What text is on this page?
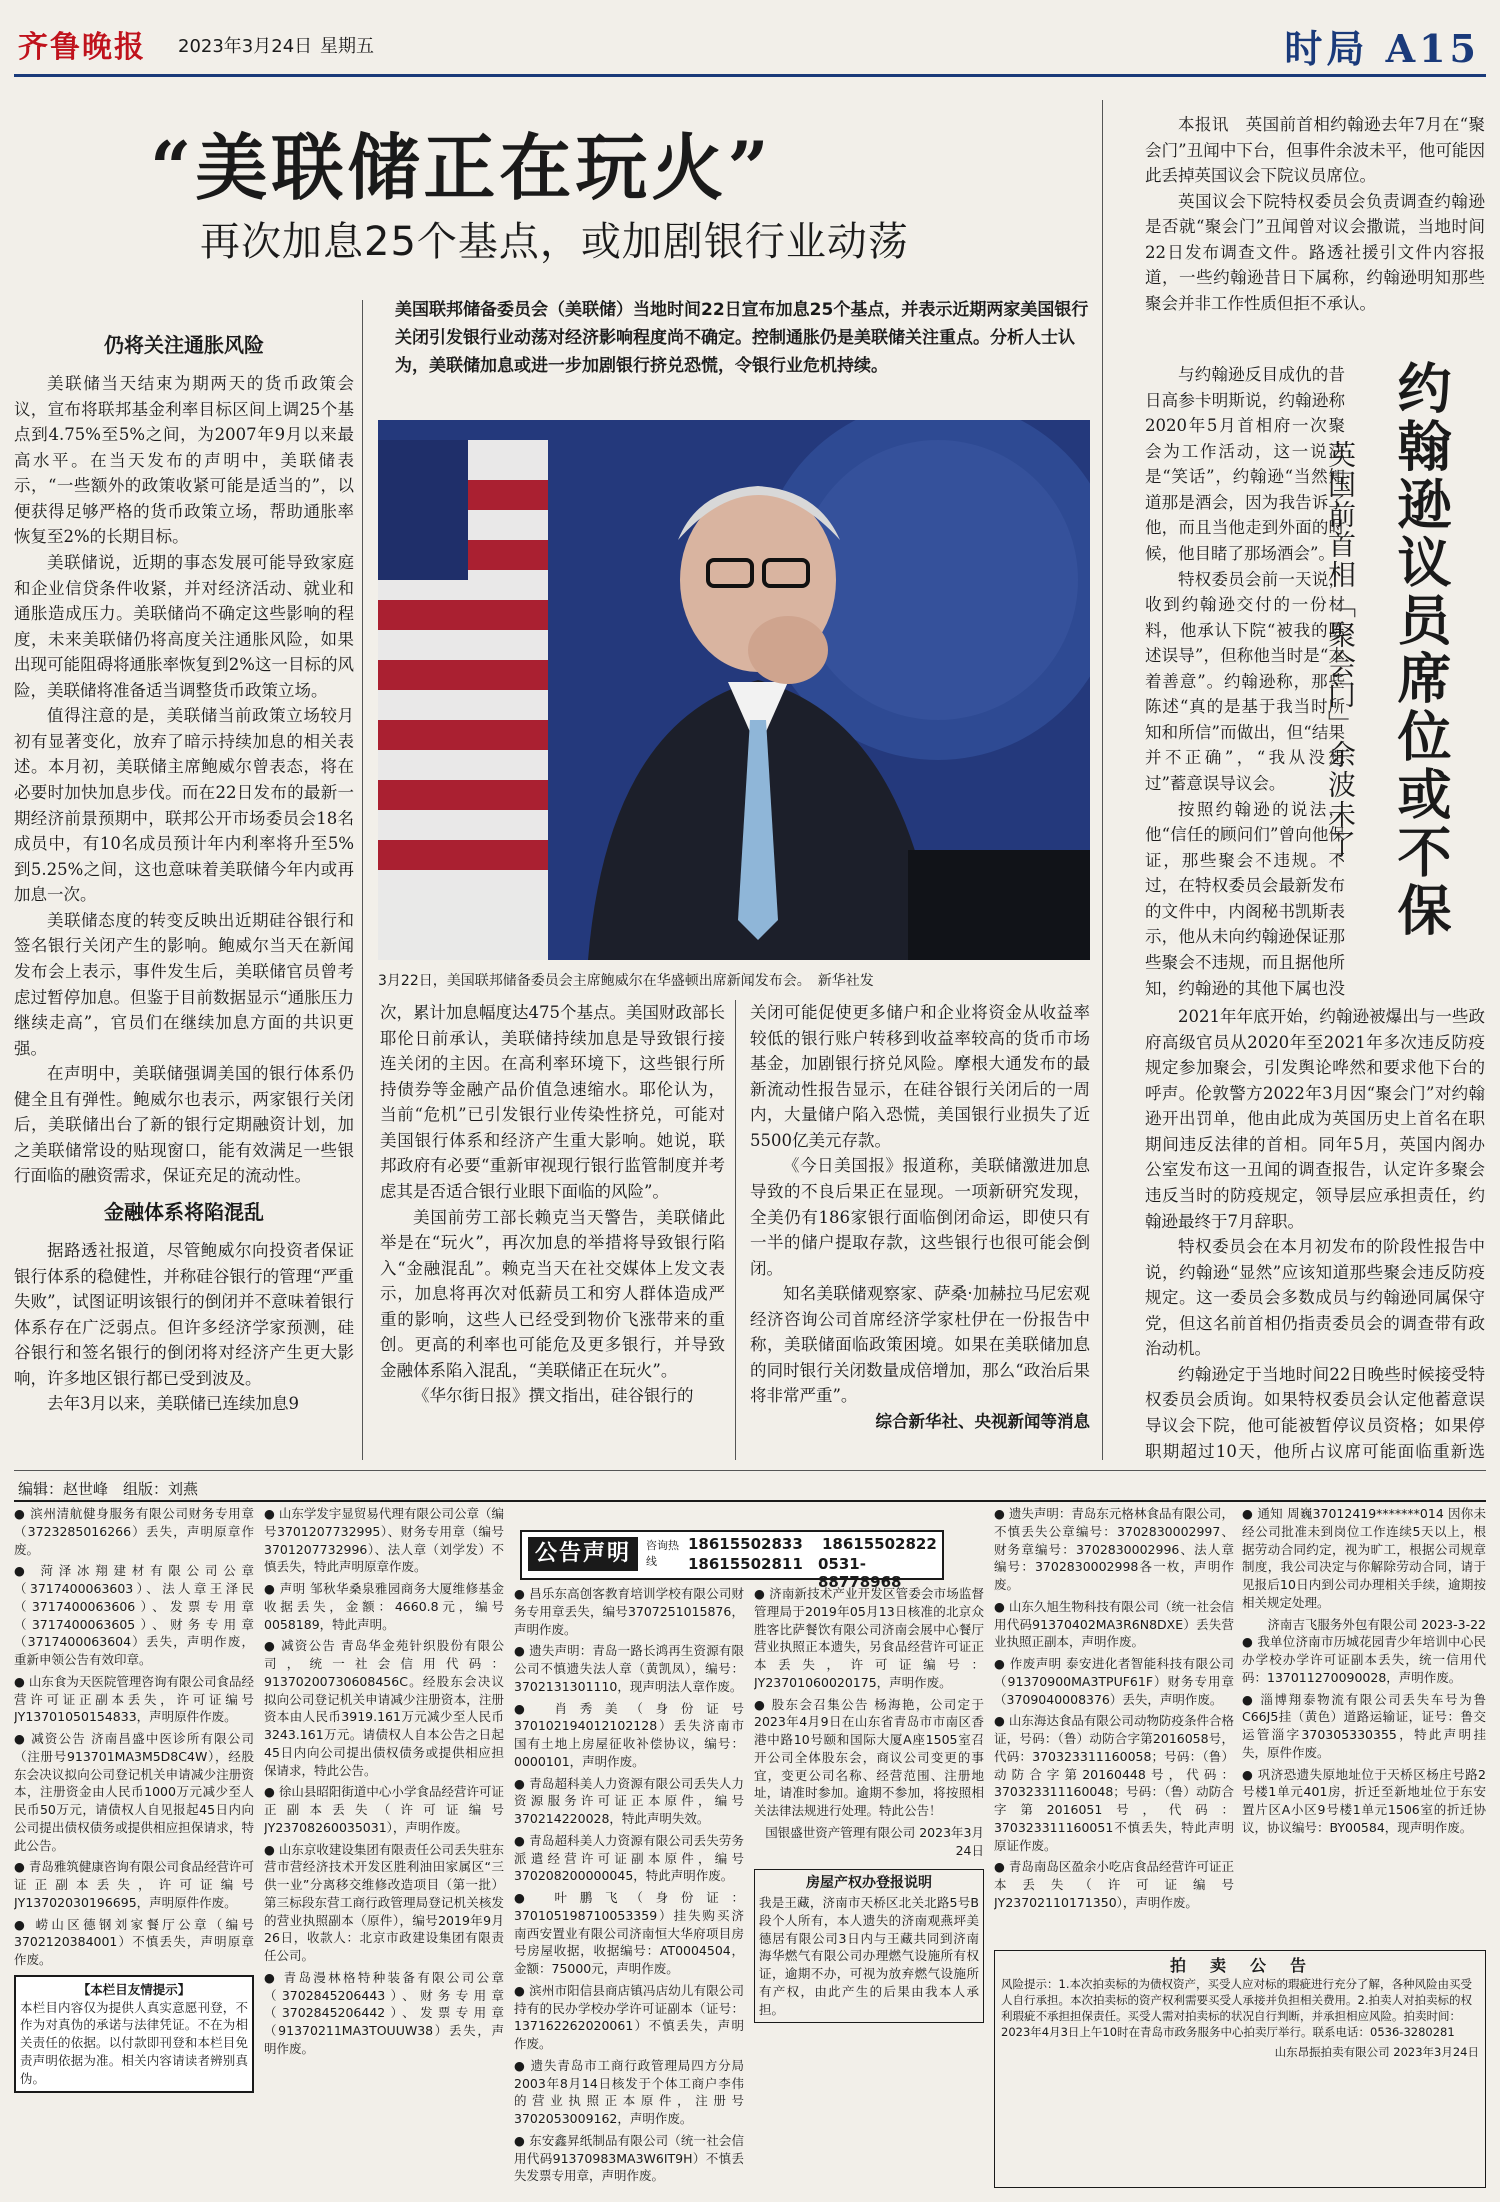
齐鲁晚报 2023年3月24日 星期五	时局 A15
“美联储正在玩火”
再次加息25个基点，或加剧银行业动荡
美国联邦储备委员会（美联储）当地时间22日宣布加息25个基点，并表示近期两家美国银行关闭引发银行业动荡对经济影响程度尚不确定。控制通胀仍是美联储关注重点。分析人士认为，美联储加息或进一步加剧银行挤兑恐慌，令银行业危机持续。
仍将关注通胀风险

美联储当天结束为期两天的货币政策会议，宣布将联邦基金利率目标区间上调25个基点到4.75%至5%之间，为2007年9月以来最高水平。在当天发布的声明中，美联储表示，“一些额外的政策收紧可能是适当的”，以便获得足够严格的货币政策立场，帮助通胀率恢复至2%的长期目标。

美联储说，近期的事态发展可能导致家庭和企业信贷条件收紧，并对经济活动、就业和通胀造成压力。美联储尚不确定这些影响的程度，未来美联储仍将高度关注通胀风险，如果出现可能阻碍将通胀率恢复到2%这一目标的风险，美联储将准备适当调整货币政策立场。

值得注意的是，美联储当前政策立场较月初有显著变化，放弃了暗示持续加息的相关表述。本月初，美联储主席鲍威尔曾表态，将在必要时加快加息步伐。而在22日发布的最新一期经济前景预期中，联邦公开市场委员会18名成员中，有10名成员预计年内利率将升至5%到5.25%之间，这也意味着美联储今年内或再加息一次。

美联储态度的转变反映出近期硅谷银行和签名银行关闭产生的影响。鲍威尔当天在新闻发布会上表示，事件发生后，美联储官员曾考虑过暂停加息。但鉴于目前数据显示“通胀压力继续走高”，官员们在继续加息方面的共识更强。

在声明中，美联储强调美国的银行体系仍健全且有弹性。鲍威尔也表示，两家银行关闭后，美联储出台了新的银行定期融资计划，加之美联储常设的贴现窗口，能有效满足一些银行面临的融资需求，保证充足的流动性。

金融体系将陷混乱

据路透社报道，尽管鲍威尔向投资者保证银行体系的稳健性，并称硅谷银行的管理“严重失败”，试图证明该银行的倒闭并不意味着银行体系存在广泛弱点。但许多经济学家预测，硅谷银行和签名银行的倒闭将对经济产生更大影响，许多地区银行都已受到波及。

去年3月以来，美联储已连续加息9

3月22日，美国联邦储备委员会主席鲍威尔在华盛顿出席新闻发布会。　新华社发

次，累计加息幅度达475个基点。美国财政部长耶伦日前承认，美联储持续加息是导致银行接连关闭的主因。在高利率环境下，这些银行所持债券等金融产品价值急速缩水。耶伦认为，当前“危机”已引发银行业传染性挤兑，可能对美国银行体系和经济产生重大影响。她说，联邦政府有必要“重新审视现行银行监管制度并考虑其是否适合银行业眼下面临的风险”。

美国前劳工部长赖克当天警告，美联储此举是在“玩火”，再次加息的举措将导致银行陷入“金融混乱”。赖克当天在社交媒体上发文表示，加息将再次对低薪员工和穷人群体造成严重的影响，这些人已经受到物价飞涨带来的重创。更高的利率也可能危及更多银行，并导致金融体系陷入混乱，“美联储正在玩火”。

《华尔街日报》撰文指出，硅谷银行的

关闭可能促使更多储户和企业将资金从收益率较低的银行账户转移到收益率较高的货币市场基金，加剧银行挤兑风险。摩根大通发布的最新流动性报告显示，在硅谷银行关闭后的一周内，大量储户陷入恐慌，美国银行业损失了近5500亿美元存款。

《今日美国报》报道称，美联储激进加息导致的不良后果正在显现。一项新研究发现，全美仍有186家银行面临倒闭命运，即使只有一半的储户提取存款，这些银行也很可能会倒闭。

知名美联储观察家、萨桑·加赫拉马尼宏观经济咨询公司首席经济学家杜伊在一份报告中称，美联储面临政策困境。如果在美联储加息的同时银行关闭数量成倍增加，那么“政治后果将非常严重”。

综合新华社、央视新闻等消息
约翰逊议员席位或不保
英国前首相「聚会门」余波未了

本报讯　英国前首相约翰逊去年7月在“聚会门”丑闻中下台，但事件余波未平，他可能因此丢掉英国议会下院议员席位。

英国议会下院特权委员会负责调查约翰逊是否就“聚会门”丑闻曾对议会撒谎，当地时间22日发布调查文件。路透社援引文件内容报道，一些约翰逊昔日下属称，约翰逊明知那些聚会并非工作性质但拒不承认。

与约翰逊反目成仇的昔日高参卡明斯说，约翰逊称2020年5月首相府一次聚会为工作活动，这一说法是“笑话”，约翰逊“当然知道那是酒会，因为我告诉了他，而且当他走到外面的时候，他目睹了那场酒会”。

特权委员会前一天说，收到约翰逊交付的一份材料，他承认下院“被我的陈述误导”，但称他当时是“本着善意”。约翰逊称，那些陈述“真的是基于我当时所知和所信”而做出，但“结果并不正确”，“我从没想过”蓄意误导议会。

按照约翰逊的说法，他“信任的顾问们”曾向他保证，那些聚会不违规。不过，在特权委员会最新发布的文件中，内阁秘书凯斯表示，他从未向约翰逊保证那些聚会不违规，而且据他所知，约翰逊的其他下属也没

2021年年底开始，约翰逊被爆出与一些政府高级官员从2020年至2021年多次违反防疫规定参加聚会，引发舆论哗然和要求他下台的呼声。伦敦警方2022年3月因“聚会门”对约翰逊开出罚单，他由此成为英国历史上首名在职期间违反法律的首相。同年5月，英国内阁办公室发布这一丑闻的调查报告，认定许多聚会违反当时的防疫规定，领导层应承担责任，约翰逊最终于7月辞职。

特权委员会在本月初发布的阶段性报告中说，约翰逊“显然”应该知道那些聚会违反防疫规定。这一委员会多数成员与约翰逊同属保守党，但这名前首相仍指责委员会的调查带有政治动机。

约翰逊定于当地时间22日晚些时候接受特权委员会质询。如果特权委员会认定他蓄意误导议会下院，他可能被暂停议员资格；如果停职期超过10天，他所占议席可能面临重新选

编辑：赵世峰　组版：刘燕
● 滨州清航健身服务有限公司财务专用章（3723285016266）丢失，声明原章作废。
● 菏泽冰翔建材有限公司公章（3717400063603）、法人章王泽民（3717400063606）、发票专用章（3717400063605）、财务专用章（3717400063604）丢失，声明作废，重新申领公告有效印章。
● 山东食为天医院管理咨询有限公司食品经营许可证正副本丢失，许可证编号JY13701050154833，声明原件作废。
● 减资公告 济南昌盛中医诊所有限公司（注册号913701MA3M5D8C4W），经股东会决议拟向公司登记机关申请减少注册资本，注册资金由人民币1000万元减少至人民币50万元，请债权人自见报起45日内向公司提出债权债务或提供相应担保请求，特此公告。
● 青岛雅筑健康咨询有限公司食品经营许可证正副本丢失，许可证编号JY13702030196695，声明原件作废。
● 崂山区德钢刘家餐厅公章（编号3702120384001）不慎丢失，声明原章作废。
【本栏目友情提示】
本栏目内容仅为提供人真实意愿刊登，不作为对真伪的承诺与法律凭证。不在为相关责任的依据。以付款即刊登和本栏目免责声明依据为准。相关内容请读者辨别真伪。
● 山东学发宇显贸易代理有限公司公章（编号3701207732995）、财务专用章（编号3701207732996）、法人章（刘学发）不慎丢失，特此声明原章作废。
● 声明 邹秋华桑泉雅园商务大厦维修基金收据丢失，金额：4660.8元，编号0058189，特此声明。
● 减资公告 青岛华金苑针织股份有限公司，统一社会信用代码：91370200730608456C。经股东会决议拟向公司登记机关申请减少注册资本，注册资本由人民币3919.161万元减少至人民币3243.161万元。请债权人自本公告之日起45日内向公司提出债权债务或提供相应担保请求，特此公告。
● 徐山县昭阳街道中心小学食品经营许可证正副本丢失（许可证编号JY23708260035031），声明作废。
● 山东京收建设集团有限责任公司丢失驻东营市营经济技术开发区胜利油田家属区“三供一业”分离移交维修改造项目（第一批）第三标段东营工商行政管理局登记机关核发的营业执照副本（原件），编号2019年9月26日，收款人：北京市政建设集团有限责任公司。
● 青岛漫林格特种装备有限公司公章（3702845206443）、财务专用章（3702845206442）、发票专用章（91370211MA3TOUUW38）丢失，声明作废。
● 昌乐东高创客教育培训学校有限公司财务专用章丢失，编号3707251015876，声明作废。
● 遗失声明：青岛一路长鸿再生资源有限公司不慎遗失法人章（黄凯凤），编号：3702131301110，现声明法人章作废。
● 肖秀美（身份证号370102194012102128）丢失济南市国有土地上房屋征收补偿协议，编号：0000101，声明作废。
● 青岛超科美人力资源有限公司丢失人力资源服务许可证正本原件，编号370214220028，特此声明失效。
● 青岛超科美人力资源有限公司丢失劳务派遣经营许可证副本原件，编号370208200000045，特此声明作废。
● 叶鹏飞（身份证：370105198710053359）挂失购买济南西安置业有限公司济南恒大华府项目房号房屋收据，收据编号：AT0004504，金额：75000元，声明作废。
● 滨州市阳信县商店镇冯店幼儿有限公司持有的民办学校办学许可证副本（证号：137162262020061）不慎丢失，声明作废。
● 遗失青岛市工商行政管理局四方分局2003年8月14日核发于个体工商户李伟的营业执照正本原件，注册号3702053009162，声明作废。
● 东安鑫昇纸制品有限公司（统一社会信用代码91370983MA3W6IT9H）不慎丢失发票专用章，声明作废。
● 济南新技术产业开发区管委会市场监督管理局于2019年05月13日核准的北京众胜客比萨餐饮有限公司济南会展中心餐厅营业执照正本遗失，另食品经营许可证正本丢失，许可证编号：JY23701060020175，声明作废。
● 股东会召集公告 杨海艳，公司定于2023年4月9日在山东省青岛市市南区香港中路10号颐和国际大厦A座1505室召开公司全体股东会，商议公司变更的事宜，变更公司名称、经营范围、注册地址，请准时参加。逾期不参加，将按照相关法律法规进行处理。特此公告！
国银盛世资产管理有限公司 2023年3月24日
房屋产权办登报说明
我是王藏，济南市天桥区北关北路5号B段个人所有，本人遗失的济南观燕坪美德居有限公司3日内与王藏共同到济南海华燃气有限公司办理燃气设施所有权证，逾期不办，可视为放弃燃气设施所有产权，由此产生的后果由我本人承担。
● 遗失声明：青岛东元格林食品有限公司，不慎丢失公章编号：3702830002997、财务章编号：3702830002996、法人章编号：3702830002998各一枚，声明作废。
● 山东久旭生物科技有限公司（统一社会信用代码91370402MA3R6N8DXE）丢失营业执照正副本，声明作废。
● 作废声明 泰安进化者智能科技有限公司（91370900MA3TPUF61F）财务专用章（3709040008376）丢失，声明作废。
● 山东海达食品有限公司动物防疫条件合格证，号码：（鲁）动防合字第2016058号，代码：370323311160058；号码：（鲁）动防合字第20160448号，代码：370323311160048；号码：（鲁）动防合字第2016051号，代码：370323311160051不慎丢失，特此声明原证作废。
● 青岛南岛区盈余小吃店食品经营许可证正本丢失（许可证编号JY23702110171350），声明作废。
● 通知 周巍37012419*******014 因你未经公司批准未到岗位工作连续5天以上，根据劳动合同约定，视为旷工，根据公司规章制度，我公司决定与你解除劳动合同，请于见报后10日内到公司办理相关手续，逾期按相关规定处理。
济南吉飞服务外包有限公司 2023-3-22
● 我单位济南市历城花园青少年培训中心民办学校办学许可证副本丢失，统一信用代码：137011270090028，声明作废。
● 淄博翔泰物流有限公司丢失车号为鲁C66J5挂（黄色）道路运输证，证号：鲁交运管淄字370305330355，特此声明挂失，原件作废。
● 巩济恐遗失原地址位于天桥区杨庄号路2号楼1单元401房，折迁至新地址位于东安置片区A小区9号楼1单元1506室的折迁协议，协议编号：BY00584，现声明作废。
拍　卖　公　告
风险提示：1.本次拍卖标的为债权资产，买受人应对标的瑕疵进行充分了解，各种风险由买受人自行承担。本次拍卖标的资产权利需要买受人承接并负担相关费用。2.拍卖人对拍卖标的权利瑕疵不承担担保责任。买受人需对拍卖标的状况自行判断，并承担相应风险。拍卖时间：2023年4月3日上午10时在青岛市政务服务中心拍卖厅举行。联系电话：0536-3280281
山东昂振拍卖有限公司 2023年3月24日
公告声明	咨询热线
18615502833 18615502822
18615502811 0531-88778968
